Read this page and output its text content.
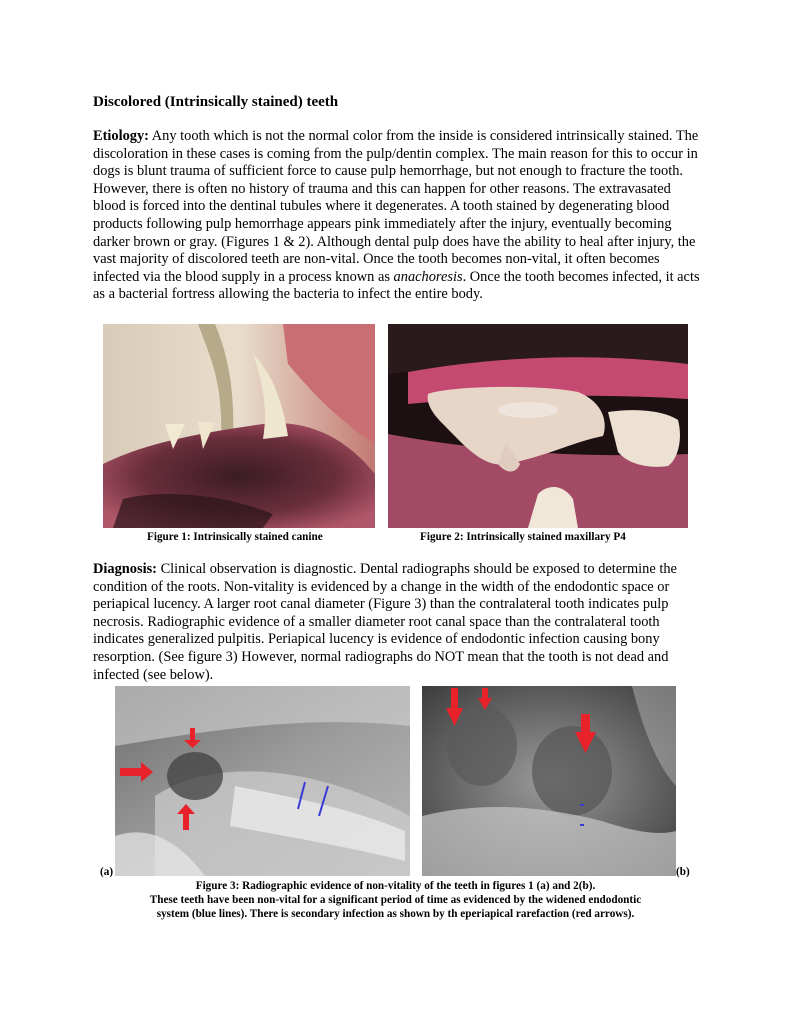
Discolored (Intrinsically stained) teeth

Etiology: Any tooth which is not the normal color from the inside is considered intrinsically stained. The discoloration in these cases is coming from the pulp/dentin complex. The main reason for this to occur in dogs is blunt trauma of sufficient force to cause pulp hemorrhage, but not enough to fracture the tooth. However, there is often no history of trauma and this can happen for other reasons. The extravasated blood is forced into the dentinal tubules where it degenerates. A tooth stained by degenerating blood products following pulp hemorrhage appears pink immediately after the injury, eventually becoming darker brown or gray. (Figures 1 & 2). Although dental pulp does have the ability to heal after injury, the vast majority of discolored teeth are non-vital. Once the tooth becomes non-vital, it often becomes infected via the blood supply in a process known as anachoresis. Once the tooth becomes infected, it acts as a bacterial fortress allowing the bacteria to infect the entire body.

Figure 1: Intrinsically stained canine	Figure 2: Intrinsically stained maxillary P4

Diagnosis: Clinical observation is diagnostic. Dental radiographs should be exposed to determine the condition of the roots. Non-vitality is evidenced by a change in the width of the endodontic space or periapical lucency. A larger root canal diameter (Figure 3) than the contralateral tooth indicates pulp necrosis. Radiographic evidence of a smaller diameter root canal space than the contralateral tooth indicates generalized pulpitis. Periapical lucency is evidence of endodontic infection causing bony resorption. (See figure 3) However, normal radiographs do NOT mean that the tooth is not dead and infected (see below).

(a)	(b)
Figure 3: Radiographic evidence of non-vitality of the teeth in figures 1 (a) and 2(b).
These teeth have been non-vital for a significant period of time as evidenced by the widened endodontic
system (blue lines). There is secondary infection as shown by th eperiapical rarefaction (red arrows).
